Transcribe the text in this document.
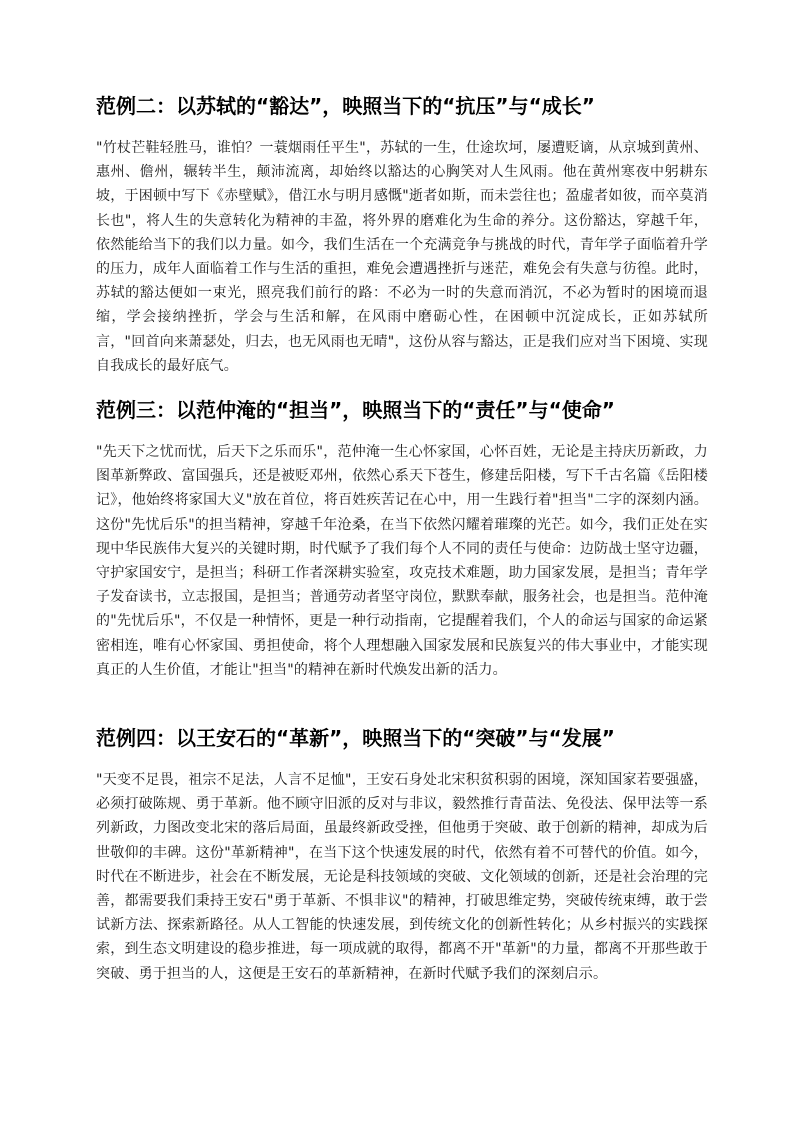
范例二：以苏轼的“豁达”，映照当下的“抗压”与“成长”

"竹杖芒鞋轻胜马，谁怕？一蓑烟雨任平生"，苏轼的一生，仕途坎坷，屡遭贬谪，从京城到黄州、惠州、儋州，辗转半生，颠沛流离，却始终以豁达的心胸笑对人生风雨。他在黄州寒夜中躬耕东坡，于困顿中写下《赤壁赋》，借江水与明月感慨"逝者如斯，而未尝往也；盈虚者如彼，而卒莫消长也"，将人生的失意转化为精神的丰盈，将外界的磨难化为生命的养分。这份豁达，穿越千年，依然能给当下的我们以力量。如今，我们生活在一个充满竞争与挑战的时代，青年学子面临着升学的压力，成年人面临着工作与生活的重担，难免会遭遇挫折与迷茫，难免会有失意与彷徨。此时，苏轼的豁达便如一束光，照亮我们前行的路：不必为一时的失意而消沉，不必为暂时的困境而退缩，学会接纳挫折，学会与生活和解，在风雨中磨砺心性，在困顿中沉淀成长，正如苏轼所言，"回首向来萧瑟处，归去，也无风雨也无晴"，这份从容与豁达，正是我们应对当下困境、实现自我成长的最好底气。

范例三：以范仲淹的“担当”，映照当下的“责任”与“使命”

"先天下之忧而忧，后天下之乐而乐"，范仲淹一生心怀家国，心怀百姓，无论是主持庆历新政，力图革新弊政、富国强兵，还是被贬邓州，依然心系天下苍生，修建岳阳楼，写下千古名篇《岳阳楼记》，他始终将家国大义"放在首位，将百姓疾苦记在心中，用一生践行着"担当"二字的深刻内涵。这份"先忧后乐"的担当精神，穿越千年沧桑，在当下依然闪耀着璀璨的光芒。如今，我们正处在实现中华民族伟大复兴的关键时期，时代赋予了我们每个人不同的责任与使命：边防战士坚守边疆，守护家国安宁，是担当；科研工作者深耕实验室，攻克技术难题，助力国家发展，是担当；青年学子发奋读书，立志报国，是担当；普通劳动者坚守岗位，默默奉献，服务社会，也是担当。范仲淹的"先忧后乐"，不仅是一种情怀，更是一种行动指南，它提醒着我们，个人的命运与国家的命运紧密相连，唯有心怀家国、勇担使命，将个人理想融入国家发展和民族复兴的伟大事业中，才能实现真正的人生价值，才能让"担当"的精神在新时代焕发出新的活力。

范例四：以王安石的“革新”，映照当下的“突破”与“发展”

"天变不足畏，祖宗不足法，人言不足恤"，王安石身处北宋积贫积弱的困境，深知国家若要强盛，必须打破陈规、勇于革新。他不顾守旧派的反对与非议，毅然推行青苗法、免役法、保甲法等一系列新政，力图改变北宋的落后局面，虽最终新政受挫，但他勇于突破、敢于创新的精神，却成为后世敬仰的丰碑。这份"革新精神"，在当下这个快速发展的时代，依然有着不可替代的价值。如今，时代在不断进步，社会在不断发展，无论是科技领域的突破、文化领域的创新，还是社会治理的完善，都需要我们秉持王安石"勇于革新、不惧非议"的精神，打破思维定势，突破传统束缚，敢于尝试新方法、探索新路径。从人工智能的快速发展，到传统文化的创新性转化；从乡村振兴的实践探索，到生态文明建设的稳步推进，每一项成就的取得，都离不开"革新"的力量，都离不开那些敢于突破、勇于担当的人，这便是王安石的革新精神，在新时代赋予我们的深刻启示。
